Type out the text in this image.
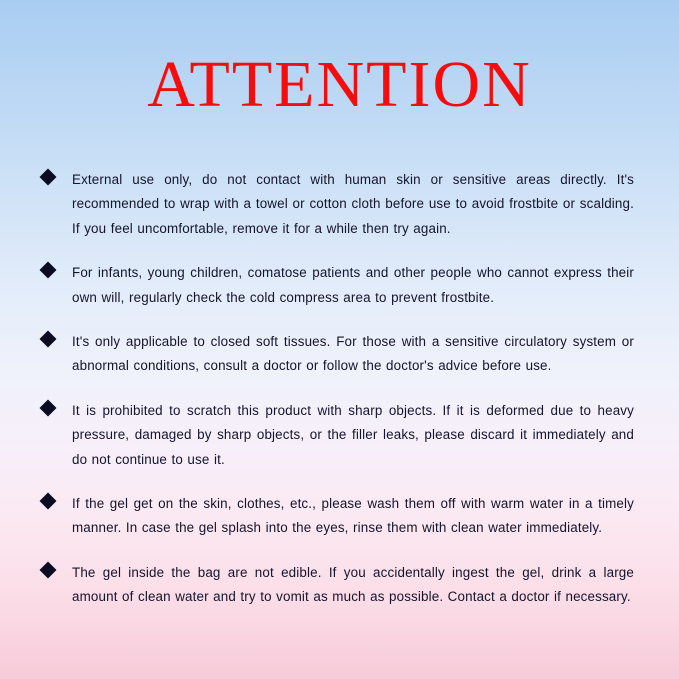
ATTENTION
External use only, do not contact with human skin or sensitive areas directly. It's recommended to wrap with a towel or cotton cloth before use to avoid frostbite or scalding. If you feel uncomfortable, remove it for a while then try again.
For infants, young children, comatose patients and other people who cannot express their own will, regularly check the cold compress area to prevent frostbite.
It's only applicable to closed soft tissues. For those with a sensitive circulatory system or abnormal conditions, consult a doctor or follow the doctor's advice before use.
It is prohibited to scratch this product with sharp objects. If it is deformed due to heavy pressure, damaged by sharp objects, or the filler leaks, please discard it immediately and do not continue to use it.
If the gel get on the skin, clothes, etc., please wash them off with warm water in a timely manner. In case the gel splash into the eyes, rinse them with clean water immediately.
The gel inside the bag are not edible. If you accidentally ingest the gel, drink a large amount of clean water and try to vomit as much as possible. Contact a doctor if necessary.
